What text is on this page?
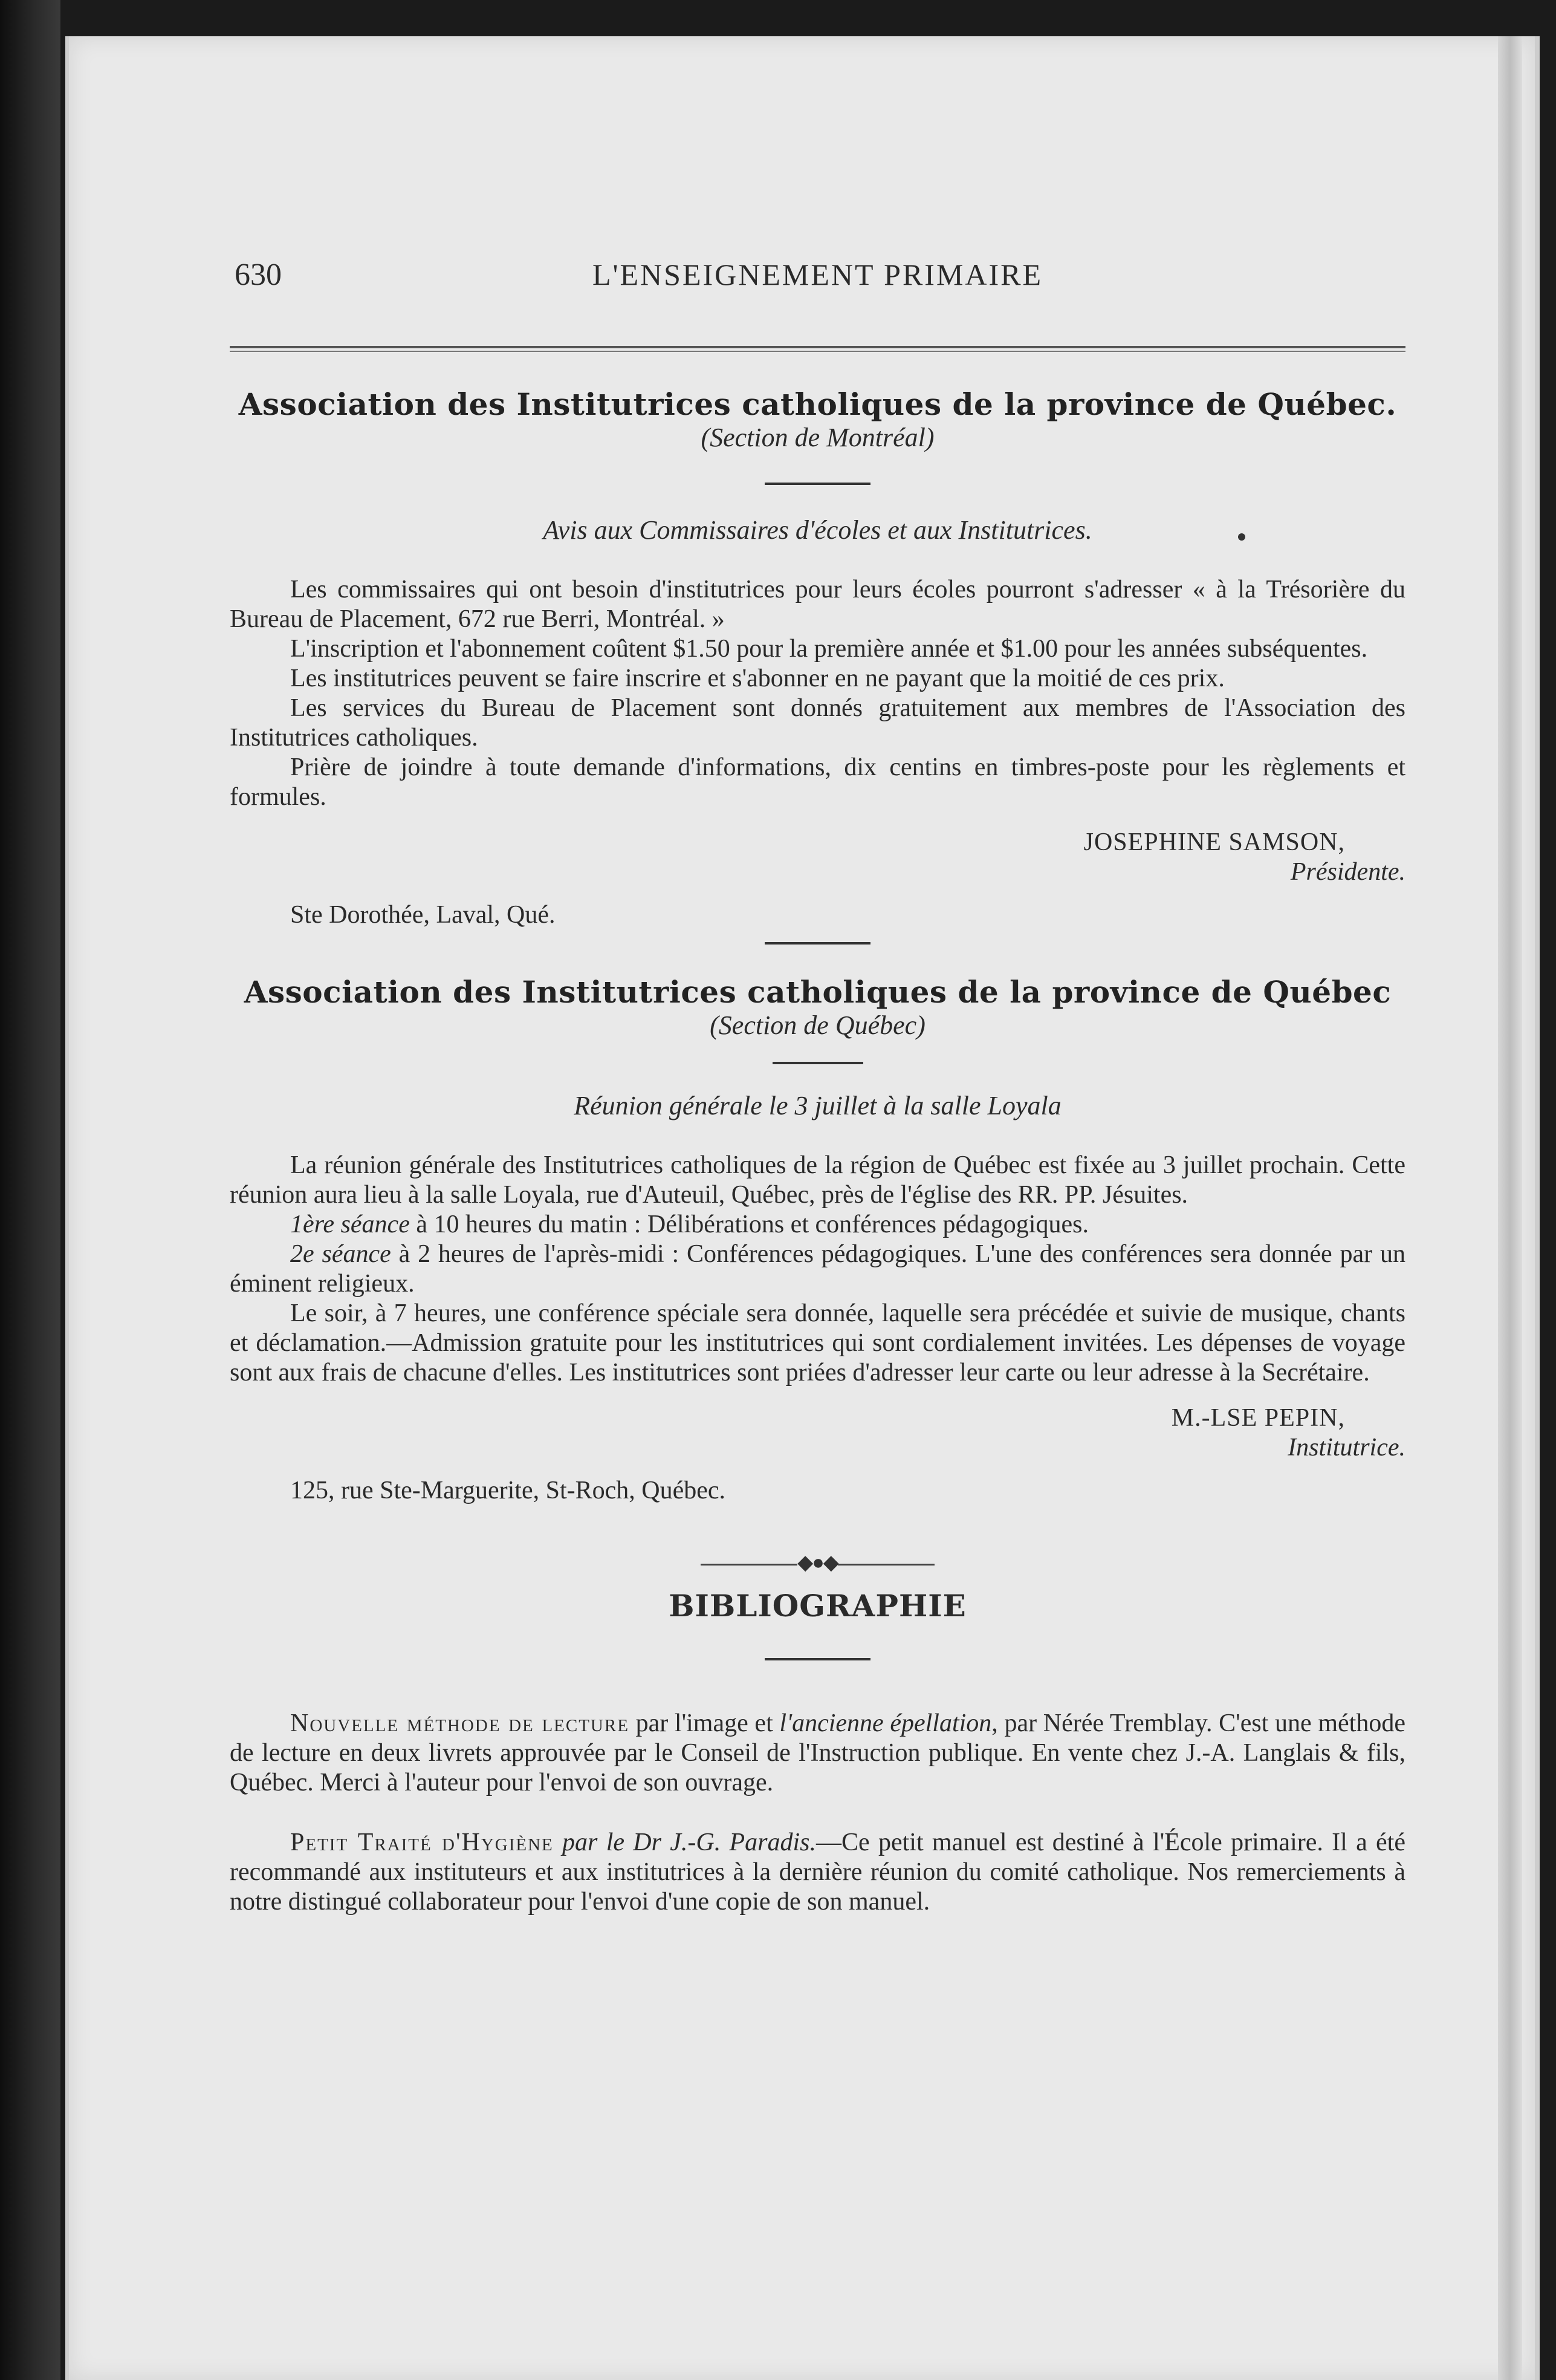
630	L'ENSEIGNEMENT PRIMAIRE
Association des Institutrices catholiques de la province de Québec.
(Section de Montréal)
Avis aux Commissaires d'écoles et aux Institutrices.

Les commissaires qui ont besoin d'institutrices pour leurs écoles pourront s'adresser « à la Trésorière du Bureau de Placement, 672 rue Berri, Montréal. »

L'inscription et l'abonnement coûtent $1.50 pour la première année et $1.00 pour les années subséquentes.

Les institutrices peuvent se faire inscrire et s'abonner en ne payant que la moitié de ces prix.

Les services du Bureau de Placement sont donnés gratuitement aux membres de l'Association des Institutrices catholiques.

Prière de joindre à toute demande d'informations, dix centins en timbres-poste pour les règlements et formules.

JOSEPHINE SAMSON,
Présidente.
Ste Dorothée, Laval, Qué.
Association des Institutrices catholiques de la province de Québec
(Section de Québec)
Réunion générale le 3 juillet à la salle Loyala

La réunion générale des Institutrices catholiques de la région de Québec est fixée au 3 juillet prochain. Cette réunion aura lieu à la salle Loyala, rue d'Auteuil, Québec, près de l'église des RR. PP. Jésuites.

1ère séance à 10 heures du matin : Délibérations et conférences pédagogiques.

2e séance à 2 heures de l'après-midi : Conférences pédagogiques. L'une des conférences sera donnée par un éminent religieux.

Le soir, à 7 heures, une conférence spéciale sera donnée, laquelle sera précédée et suivie de musique, chants et déclamation.—Admission gratuite pour les institutrices qui sont cordialement invitées. Les dépenses de voyage sont aux frais de chacune d'elles. Les institutrices sont priées d'adresser leur carte ou leur adresse à la Secrétaire.

M.-LSE PEPIN,
Institutrice.
125, rue Ste-Marguerite, St-Roch, Québec.
◆●◆
BIBLIOGRAPHIE

Nouvelle méthode de lecture par l'image et l'ancienne épellation, par Nérée Tremblay. C'est une méthode de lecture en deux livrets approuvée par le Conseil de l'Instruction publique. En vente chez J.-A. Langlais & fils, Québec. Merci à l'auteur pour l'envoi de son ouvrage.

Petit Traité d'Hygiène par le Dr J.-G. Paradis.—Ce petit manuel est destiné à l'École primaire. Il a été recommandé aux instituteurs et aux institutrices à la dernière réunion du comité catholique. Nos remerciements à notre distingué collaborateur pour l'envoi d'une copie de son manuel.
